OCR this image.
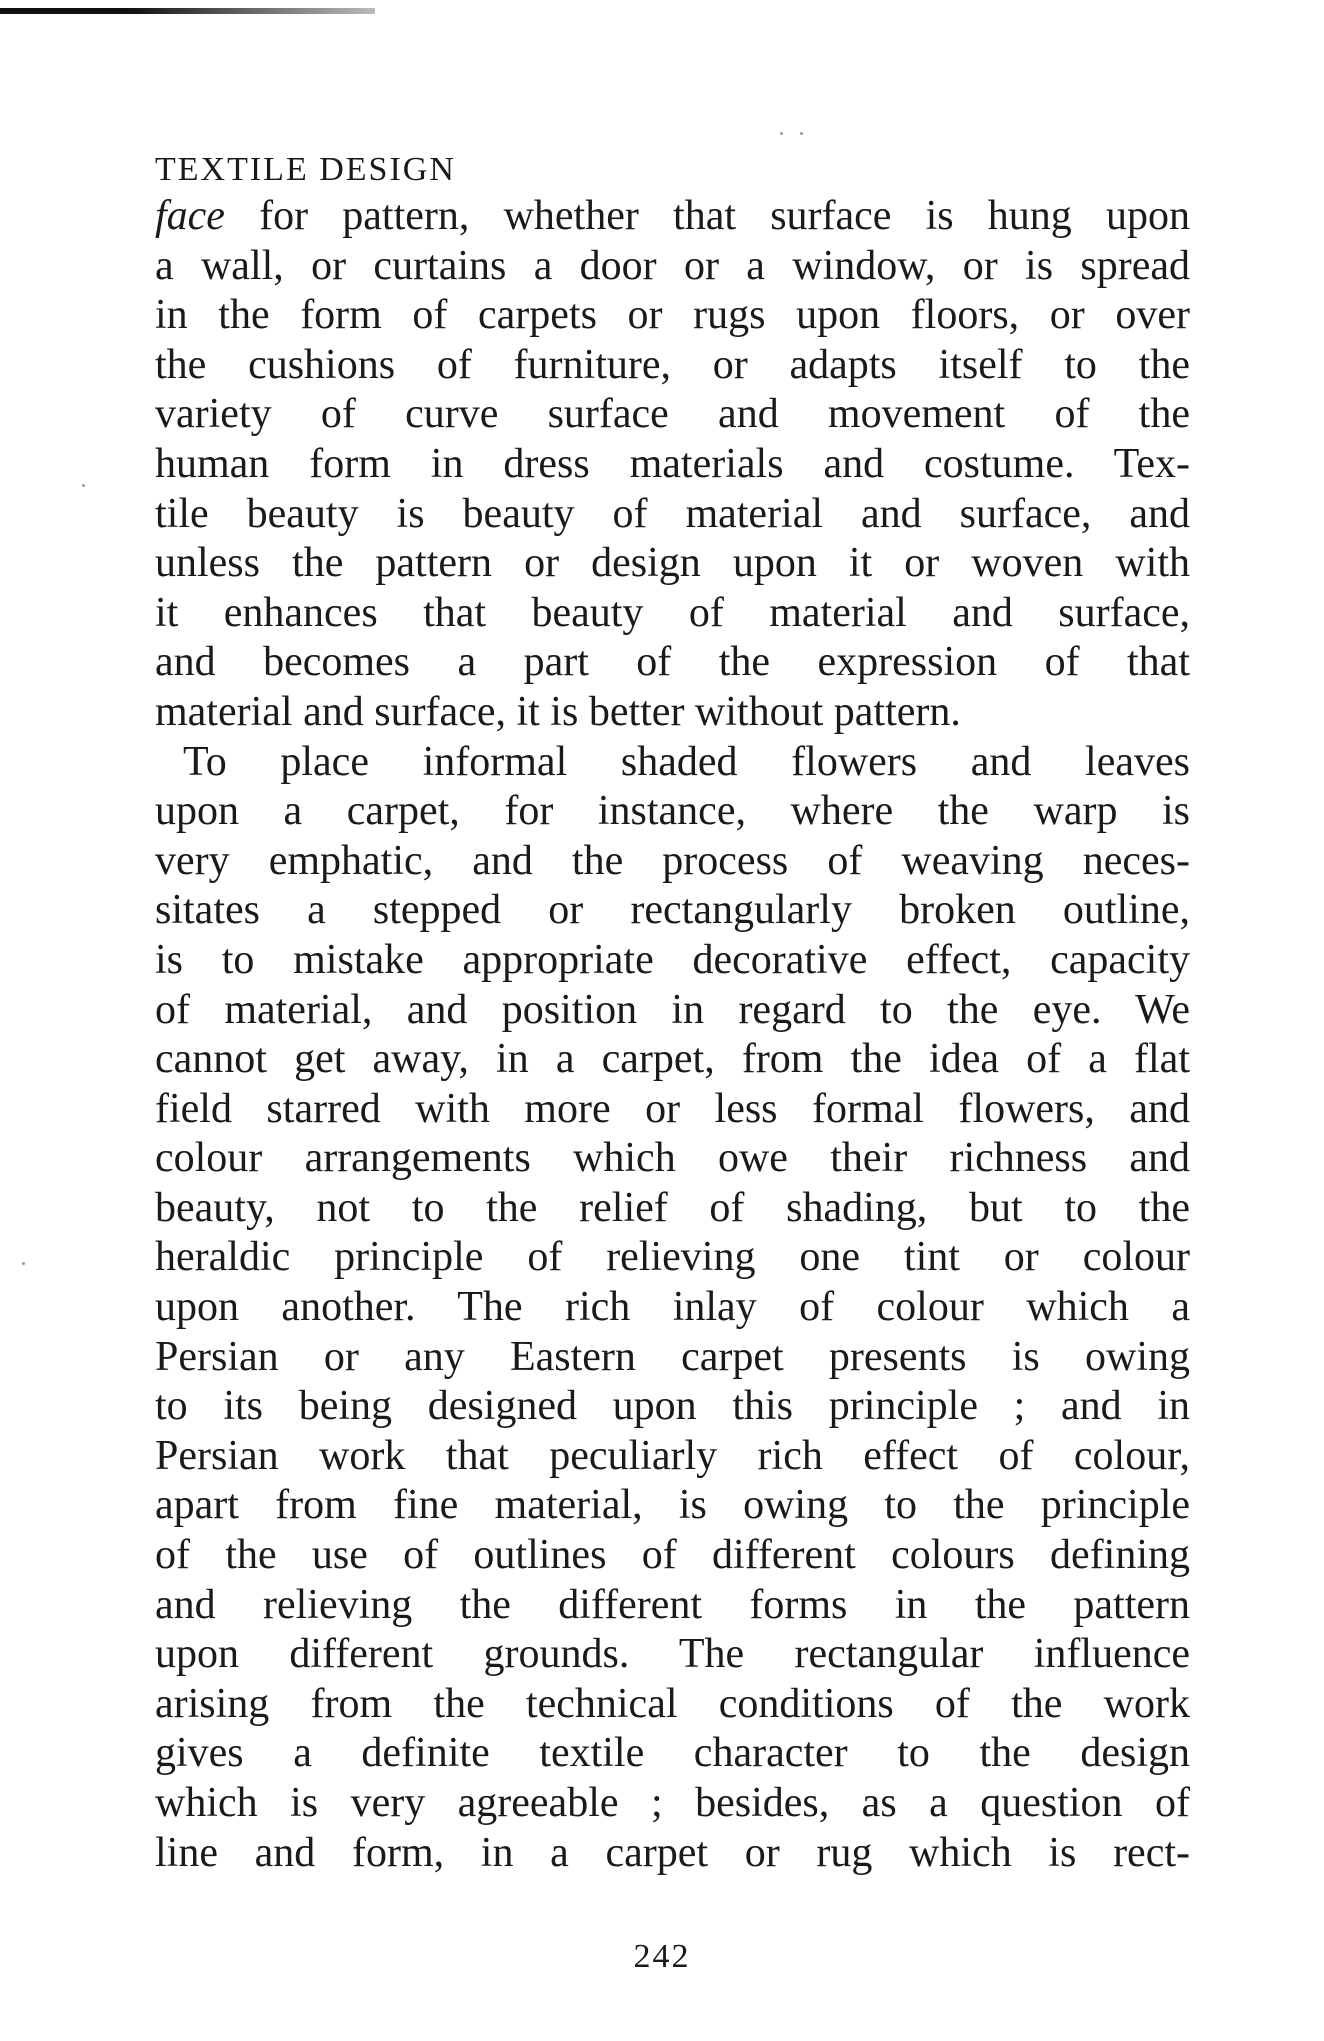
TEXTILE DESIGN

face for pattern, whether that surface is hung upon
a wall, or curtains a door or a window, or is spread
in the form of carpets or rugs upon floors, or over
the cushions of furniture, or adapts itself to the
variety of curve surface and movement of the
human form in dress materials and costume. Tex-
tile beauty is beauty of material and surface, and
unless the pattern or design upon it or woven with
it enhances that beauty of material and surface,
and becomes a part of the expression of that
material and surface, it is better without pattern.

To place informal shaded flowers and leaves
upon a carpet, for instance, where the warp is
very emphatic, and the process of weaving neces-
sitates a stepped or rectangularly broken outline,
is to mistake appropriate decorative effect, capacity
of material, and position in regard to the eye. We
cannot get away, in a carpet, from the idea of a flat
field starred with more or less formal flowers, and
colour arrangements which owe their richness and
beauty, not to the relief of shading, but to the
heraldic principle of relieving one tint or colour
upon another. The rich inlay of colour which a
Persian or any Eastern carpet presents is owing
to its being designed upon this principle ; and in
Persian work that peculiarly rich effect of colour,
apart from fine material, is owing to the principle
of the use of outlines of different colours defining
and relieving the different forms in the pattern
upon different grounds. The rectangular influence
arising from the technical conditions of the work
gives a definite textile character to the design
which is very agreeable ; besides, as a question of
line and form, in a carpet or rug which is rect-

242
